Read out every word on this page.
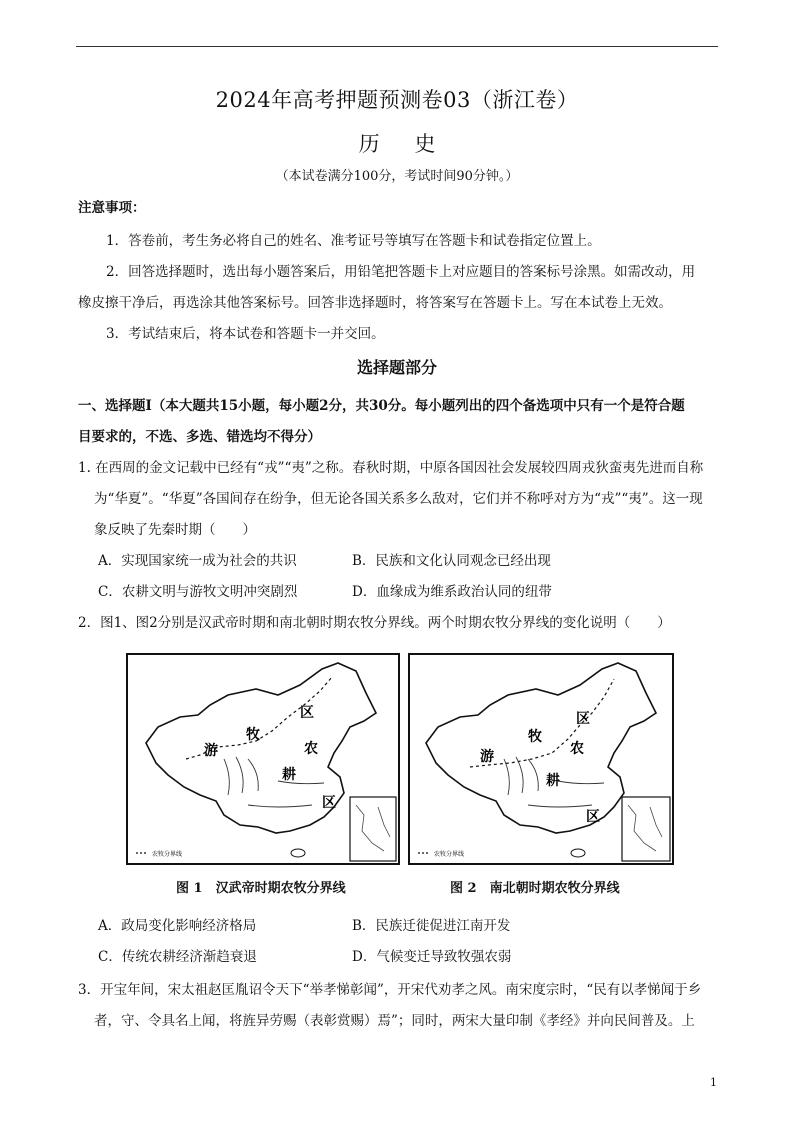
2024年高考押题预测卷03（浙江卷）
历 史
（本试卷满分100分，考试时间90分钟。）
注意事项：
1．答卷前，考生务必将自己的姓名、准考证号等填写在答题卡和试卷指定位置上。
2．回答选择题时，选出每小题答案后，用铅笔把答题卡上对应题目的答案标号涂黑。如需改动，用
橡皮擦干净后，再选涂其他答案标号。回答非选择题时，将答案写在答题卡上。写在本试卷上无效。
3．考试结束后，将本试卷和答题卡一并交回。
选择题部分
一、选择题Ⅰ（本大题共15小题，每小题2分，共30分。每小题列出的四个备选项中只有一个是符合题
目要求的，不选、多选、错选均不得分）
1. 在西周的金文记载中已经有“戎”“夷”之称。春秋时期，中原各国因社会发展较四周戎狄蛮夷先进而自称
为“华夏”。“华夏”各国间存在纷争，但无论各国关系多么敌对，它们并不称呼对方为“戎”“夷”。这一现
象反映了先秦时期（　　）
A．实现国家统一成为社会的共识	B．民族和文化认同观念已经出现
C．农耕文明与游牧文明冲突剧烈	D．血缘成为维系政治认同的纽带
2．图1、图2分别是汉武帝时期和南北朝时期农牧分界线。两个时期农牧分界线的变化说明（　　）
农牧分界线
游
牧
区
农
耕
区
农牧分界线
游
牧
区
农
耕
区
图 1　汉武帝时期农牧分界线	图 2　南北朝时期农牧分界线
A．政局变化影响经济格局	B．民族迁徙促进江南开发
C．传统农耕经济渐趋衰退	D．气候变迁导致牧强农弱
3．开宝年间，宋太祖赵匡胤诏令天下“举孝悌彰闻”，开宋代劝孝之风。南宋度宗时，“民有以孝悌闻于乡
者，守、令具名上闻，将旌异劳赐（表彰赏赐）焉”；同时，两宋大量印制《孝经》并向民间普及。上
1
